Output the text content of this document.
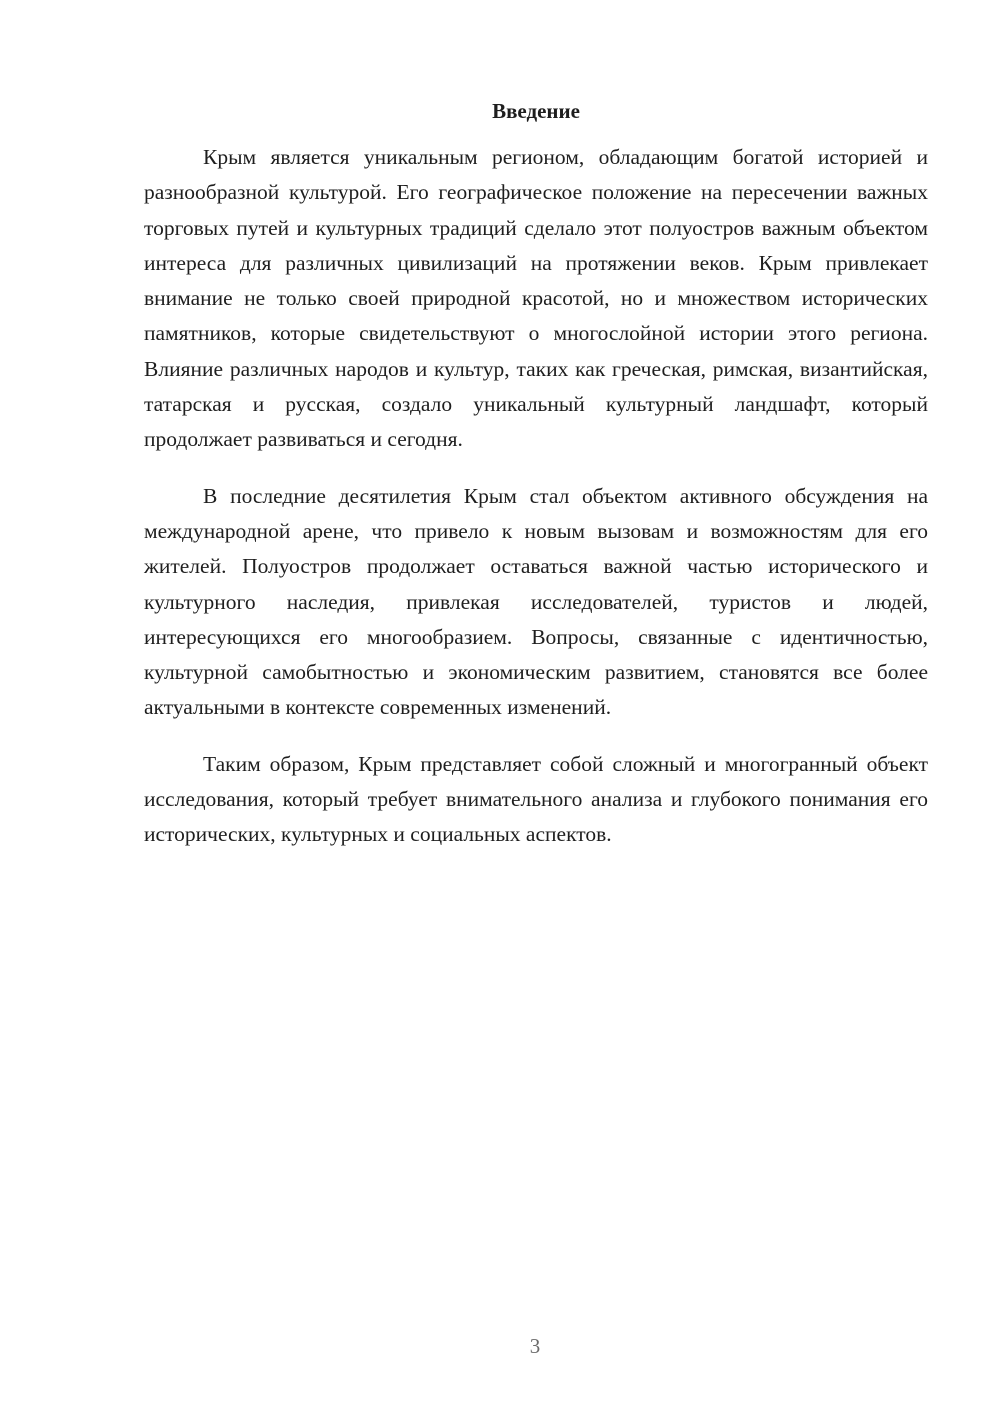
Введение

Крым является уникальным регионом, обладающим богатой историей и разнообразной культурой. Его географическое положение на пересечении важных торговых путей и культурных традиций сделало этот полуостров важным объектом интереса для различных цивилизаций на протяжении веков. Крым привлекает внимание не только своей природной красотой, но и множеством исторических памятников, которые свидетельствуют о многослойной истории этого региона. Влияние различных народов и культур, таких как греческая, римская, византийская, татарская и русская, создало уникальный культурный ландшафт, который продолжает развиваться и сегодня.

В последние десятилетия Крым стал объектом активного обсуждения на международной арене, что привело к новым вызовам и возможностям для его жителей. Полуостров продолжает оставаться важной частью исторического и культурного наследия, привлекая исследователей, туристов и людей, интересующихся его многообразием. Вопросы, связанные с идентичностью, культурной самобытностью и экономическим развитием, становятся все более актуальными в контексте современных изменений.

Таким образом, Крым представляет собой сложный и многогранный объект исследования, который требует внимательного анализа и глубокого понимания его исторических, культурных и социальных аспектов.

3
